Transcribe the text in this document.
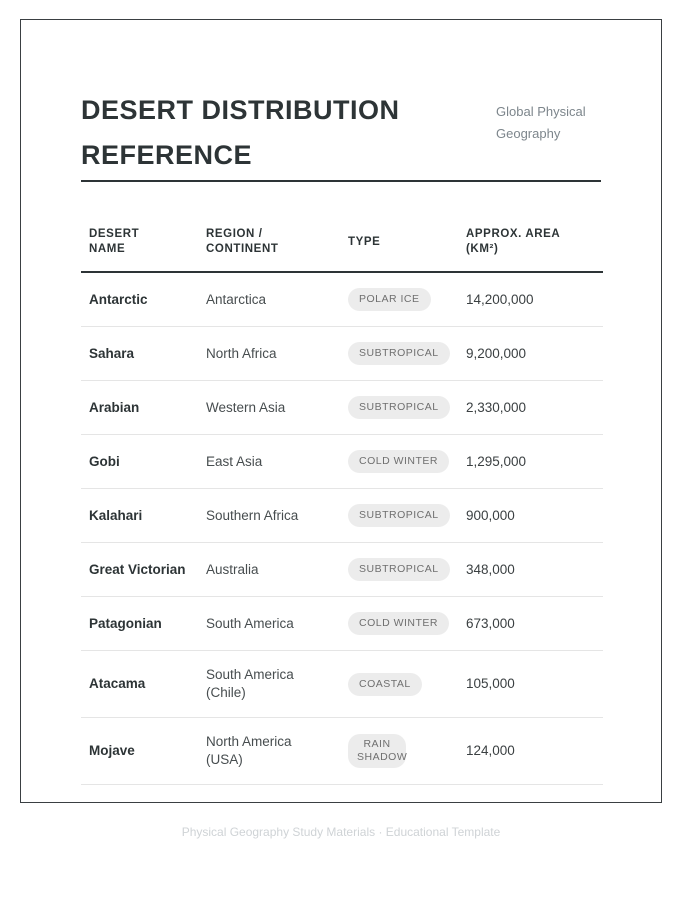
DESERT DISTRIBUTION REFERENCE
Global Physical Geography
DESERT NAME	REGION / CONTINENT	TYPE	APPROX. AREA (KM²)
Antarctic	Antarctica	POLAR ICE	14,200,000
Sahara	North Africa	SUBTROPICAL	9,200,000
Arabian	Western Asia	SUBTROPICAL	2,330,000
Gobi	East Asia	COLD WINTER	1,295,000
Kalahari	Southern Africa	SUBTROPICAL	900,000
Great Victorian	Australia	SUBTROPICAL	348,000
Patagonian	South America	COLD WINTER	673,000
Atacama	South America (Chile)	COASTAL	105,000
Mojave	North America (USA)	RAIN SHADOW	124,000
Physical Geography Study Materials · Educational Template
